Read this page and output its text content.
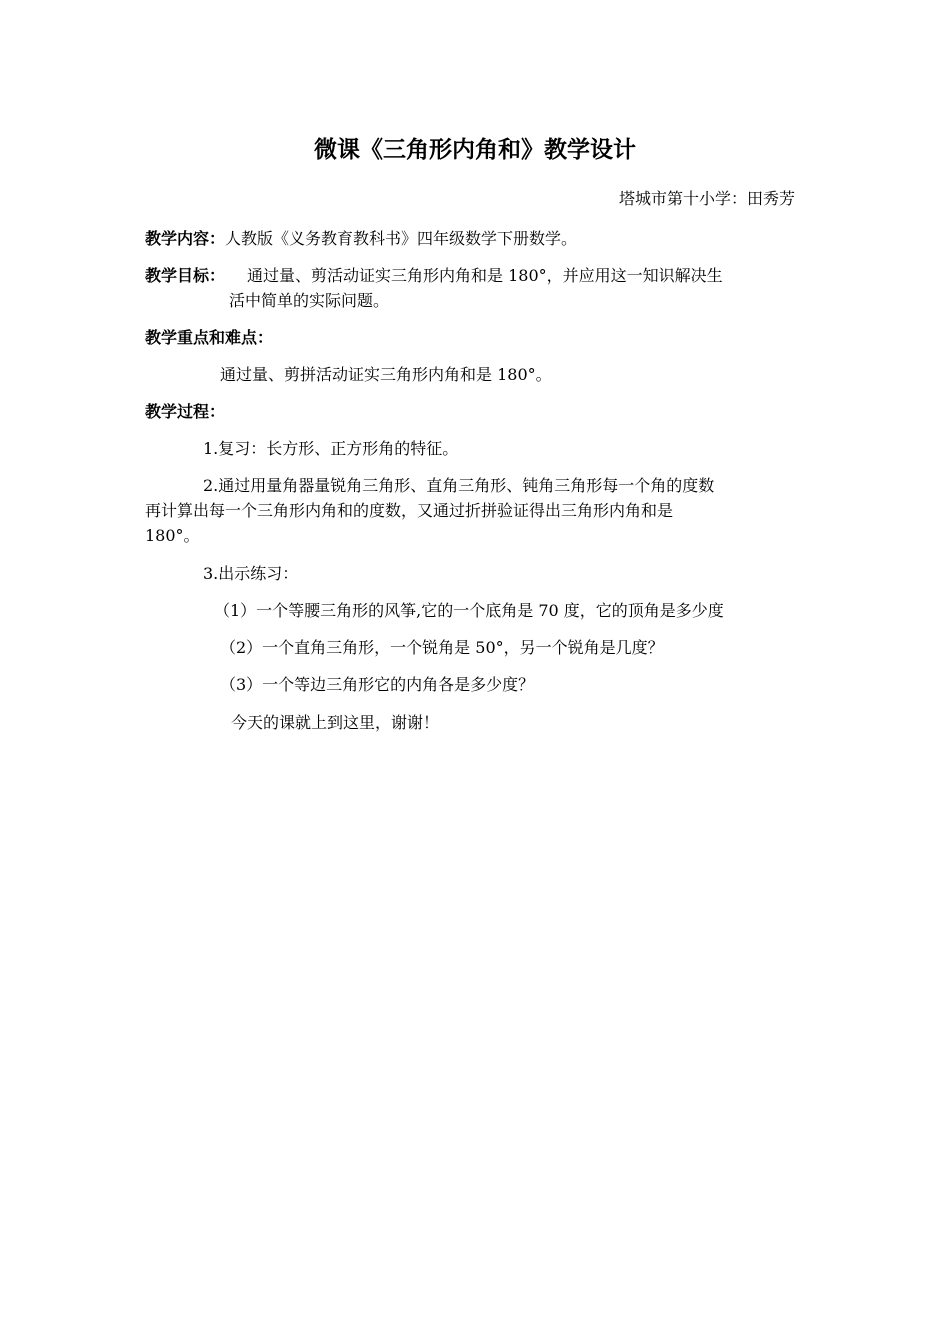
微课《三角形内角和》教学设计
塔城市第十小学：田秀芳
教学内容：人教版《义务教育教科书》四年级数学下册数学。
教学目标： 通过量、剪活动证实三角形内角和是 180°，并应用这一知识解决生
活中简单的实际问题。
教学重点和难点：
通过量、剪拼活动证实三角形内角和是 180°。
教学过程：
1.复习：长方形、正方形角的特征。
2.通过用量角器量锐角三角形、直角三角形、钝角三角形每一个角的度数
再计算出每一个三角形内角和的度数，又通过折拼验证得出三角形内角和是
180°。
3.出示练习：
（1）一个等腰三角形的风筝,它的一个底角是 70 度，它的顶角是多少度
（2）一个直角三角形，一个锐角是 50°，另一个锐角是几度？
（3）一个等边三角形它的内角各是多少度？
今天的课就上到这里，谢谢！
